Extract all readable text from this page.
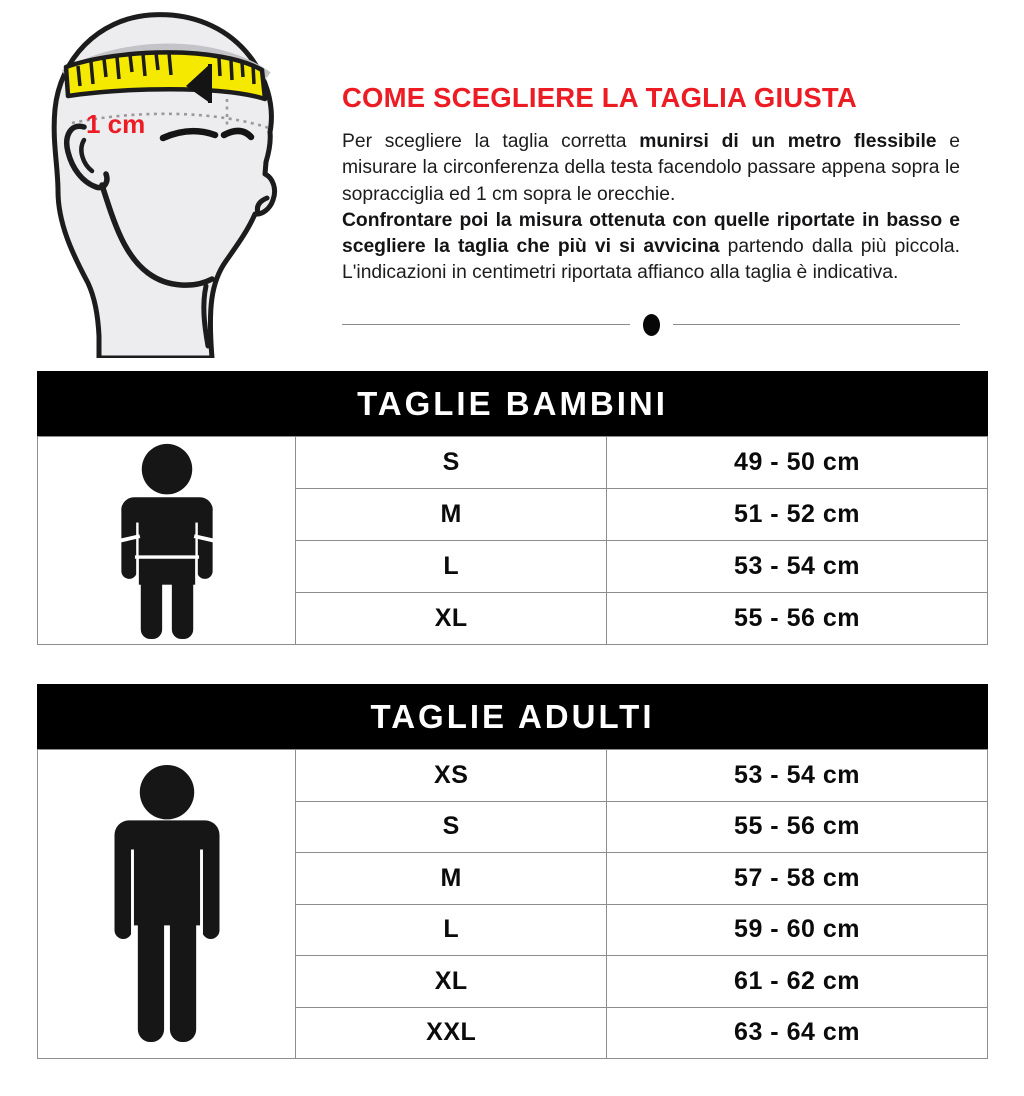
1 cm
COME SCEGLIERE LA TAGLIA GIUSTA

Per scegliere la taglia corretta munirsi di un metro flessibile e misurare la circonferenza della testa facendolo passare appena sopra le sopracciglia ed 1 cm sopra le orecchie.
Confrontare poi la misura ottenuta con quelle riportate in basso e scegliere la taglia che più vi si avvicina partendo dalla più piccola. L'indicazioni in centimetri riportata affianco alla taglia è indicativa.

TAGLIE BAMBINI
	S	49 - 50 cm
	M	51 - 52 cm
	L	53 - 54 cm
	XL	55 - 56 cm
TAGLIE ADULTI
	XS	53 - 54 cm
	S	55 - 56 cm
	M	57 - 58 cm
	L	59 - 60 cm
	XL	61 - 62 cm
	XXL	63 - 64 cm
